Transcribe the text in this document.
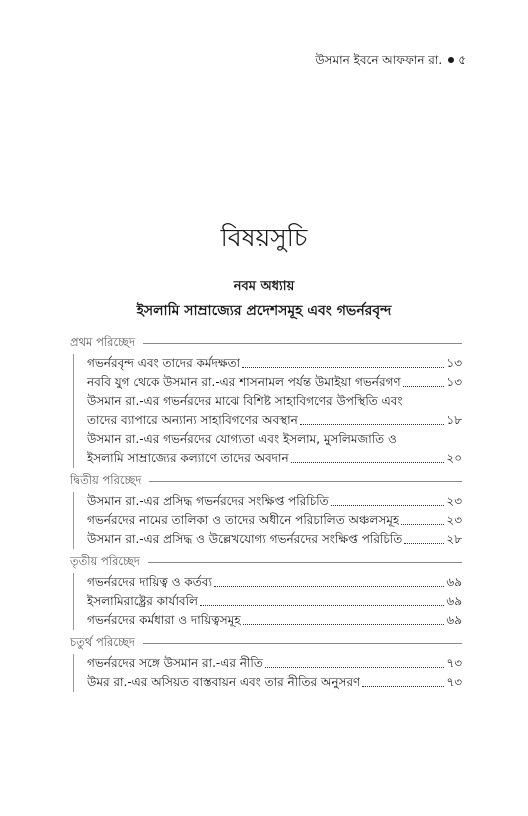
উসমান ইবনে আফফান রা. ৫
বিষয়সুচি
নবম অধ্যায়
ইসলামি সাম্রাজ্যের প্রদেশসমূহ এবং গভর্নরবৃন্দ
প্রথম পরিচ্ছেদ
গভর্নরবৃন্দ এবং তাদের কর্মদক্ষতা	১৩
নববি যুগ থেকে উসমান রা.-এর শাসনামল পর্যন্ত উমাইয়া গভর্নরগণ	১৩
উসমান রা.-এর গভর্নরদের মাঝে বিশিষ্ট সাহাবিগণের উপস্থিতি এবং
তাদের ব্যাপারে অন্যান্য সাহাবিগণের অবস্থান	১৮
উসমান রা.-এর গভর্নরদের যোগ্যতা এবং ইসলাম, মুসলিমজাতি ও
ইসলামি সাম্রাজ্যের কল্যাণে তাদের অবদান	২০
দ্বিতীয় পরিচ্ছেদ
উসমান রা.-এর প্রসিদ্ধ গভর্নরদের সংক্ষিপ্ত পরিচিতি	২৩
গভর্নরদের নামের তালিকা ও তাদের অধীনে পরিচালিত অঞ্চলসমূহ	২৩
উসমান রা.-এর প্রসিদ্ধ ও উল্লেখযোগ্য গভর্নরদের সংক্ষিপ্ত পরিচিতি	২৮
তৃতীয় পরিচ্ছেদ
গভর্নরদের দায়িত্ব ও কর্তব্য	৬৯
ইসলামিরাষ্ট্রের কার্যাবলি	৬৯
গভর্নরদের কর্মধারা ও দায়িত্বসমূহ	৬৯
চতুর্থ পরিচ্ছেদ
গভর্নরদের সঙ্গে উসমান রা.-এর নীতি	৭৩
উমর রা.-এর অসিয়ত বাস্তবায়ন এবং তার নীতির অনুসরণ	৭৩
